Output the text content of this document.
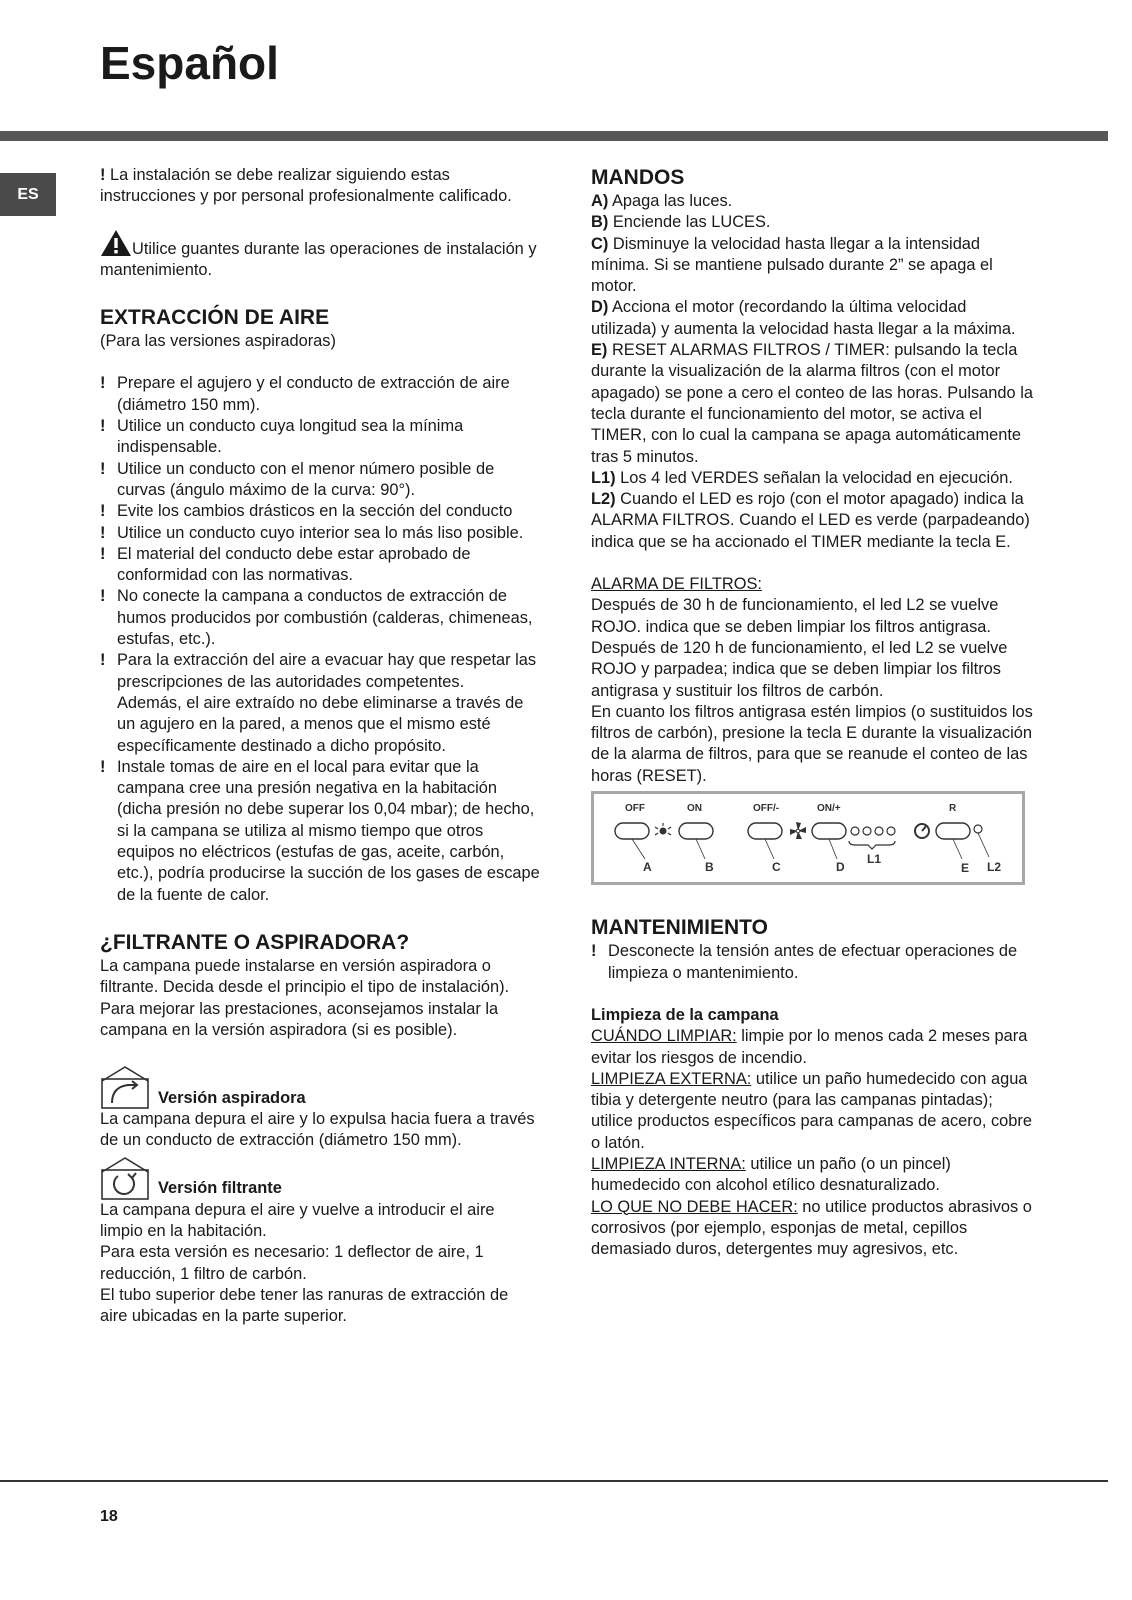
Español
ES

! La instalación se debe realizar siguiendo estas instrucciones y por personal profesionalmente calificado.

Utilice guantes durante las operaciones de instalación y mantenimiento.

EXTRACCIÓN DE AIRE

(Para las versiones aspiradoras)

! Prepare el agujero y el conducto de extracción de aire (diámetro 150 mm).
! Utilice un conducto cuya longitud sea la mínima indispensable.
! Utilice un conducto con el menor número posible de curvas (ángulo máximo de la curva: 90°).
! Evite los cambios drásticos en la sección del conducto
! Utilice un conducto cuyo interior sea lo más liso posible.
! El material del conducto debe estar aprobado de conformidad con las normativas.
! No conecte la campana a conductos de extracción de humos producidos por combustión (calderas, chimeneas, estufas, etc.).
! Para la extracción del aire a evacuar hay que respetar las prescripciones de las autoridades competentes.

Además, el aire extraído no debe eliminarse a través de un agujero en la pared, a menos que el mismo esté específicamente destinado a dicho propósito.

! Instale tomas de aire en el local para evitar que la campana cree una presión negativa en la habitación (dicha presión no debe superar los 0,04 mbar); de hecho, si la campana se utiliza al mismo tiempo que otros equipos no eléctricos (estufas de gas, aceite, carbón, etc.), podría producirse la succión de los gases de escape de la fuente de calor.
¿FILTRANTE O ASPIRADORA?

La campana puede instalarse en versión aspiradora o filtrante. Decida desde el principio el tipo de instalación). Para mejorar las prestaciones, aconsejamos instalar la campana en la versión aspiradora (si es posible).

Versión aspiradora

La campana depura el aire y lo expulsa hacia fuera a través de un conducto de extracción (diámetro 150 mm).

Versión filtrante

La campana depura el aire y vuelve a introducir el aire limpio en la habitación.

Para esta versión es necesario: 1 deflector de aire, 1 reducción, 1 filtro de carbón.

El tubo superior debe tener las ranuras de extracción de aire ubicadas en la parte superior.

MANDOS

A) Apaga las luces.

B) Enciende las LUCES.

C) Disminuye la velocidad hasta llegar a la intensidad mínima. Si se mantiene pulsado durante 2” se apaga el motor.

D) Acciona el motor (recordando la última velocidad utilizada) y aumenta la velocidad hasta llegar a la máxima.

E) RESET ALARMAS FILTROS / TIMER: pulsando la tecla durante la visualización de la alarma filtros (con el motor apagado) se pone a cero el conteo de las horas. Pulsando la tecla durante el funcionamiento del motor, se activa el TIMER, con lo cual la campana se apaga automáticamente tras 5 minutos.

L1) Los 4 led VERDES señalan la velocidad en ejecución.

L2) Cuando el LED es rojo (con el motor apagado) indica la ALARMA FILTROS. Cuando el LED es verde (parpadeando) indica que se ha accionado el TIMER mediante la tecla E.

ALARMA DE FILTROS:

Después de 30 h de funcionamiento, el led L2 se vuelve ROJO. indica que se deben limpiar los filtros antigrasa.

Después de 120 h de funcionamiento, el led L2 se vuelve ROJO y parpadea; indica que se deben limpiar los filtros antigrasa y sustituir los filtros de carbón.

En cuanto los filtros antigrasa estén limpios (o sustituidos los filtros de carbón), presione la tecla E durante la visualización de la alarma de filtros, para que se reanude el conteo de las horas (RESET).

OFF	ON	OFF/-	ON/+	R
A	B	C	D
L1
E L2
MANTENIMIENTO
! Desconecte la tensión antes de efectuar operaciones de limpieza o mantenimiento.

Limpieza de la campana

CUÁNDO LIMPIAR: limpie por lo menos cada 2 meses para evitar los riesgos de incendio.

LIMPIEZA EXTERNA: utilice un paño humedecido con agua tibia y detergente neutro (para las campanas pintadas); utilice productos específicos para campanas de acero, cobre o latón.

LIMPIEZA INTERNA: utilice un paño (o un pincel) humedecido con alcohol etílico desnaturalizado.

LO QUE NO DEBE HACER: no utilice productos abrasivos o corrosivos (por ejemplo, esponjas de metal, cepillos demasiado duros, detergentes muy agresivos, etc.

18
